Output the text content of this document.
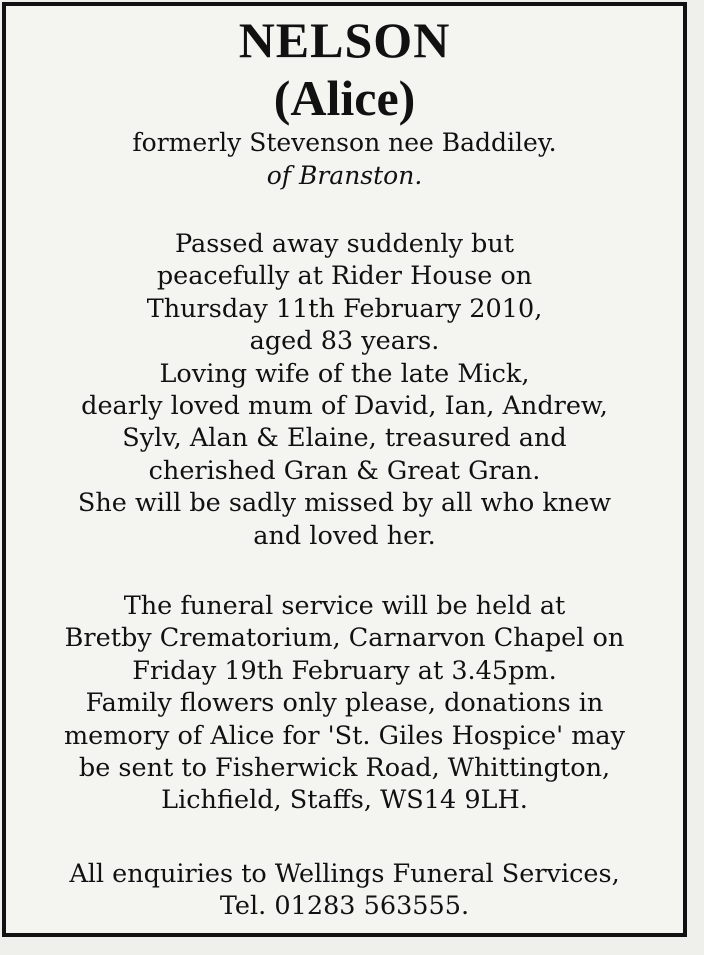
NELSON
(Alice)
formerly Stevenson nee Baddiley.
of Branston.
Passed away suddenly but
peacefully at Rider House on
Thursday 11th February 2010,
aged 83 years.
Loving wife of the late Mick,
dearly loved mum of David, Ian, Andrew,
Sylv, Alan & Elaine, treasured and
cherished Gran & Great Gran.
She will be sadly missed by all who knew
and loved her.
The funeral service will be held at
Bretby Crematorium, Carnarvon Chapel on
Friday 19th February at 3.45pm.
Family flowers only please, donations in
memory of Alice for 'St. Giles Hospice' may
be sent to Fisherwick Road, Whittington,
Lichfield, Staffs, WS14 9LH.
All enquiries to Wellings Funeral Services,
Tel. 01283 563555.
